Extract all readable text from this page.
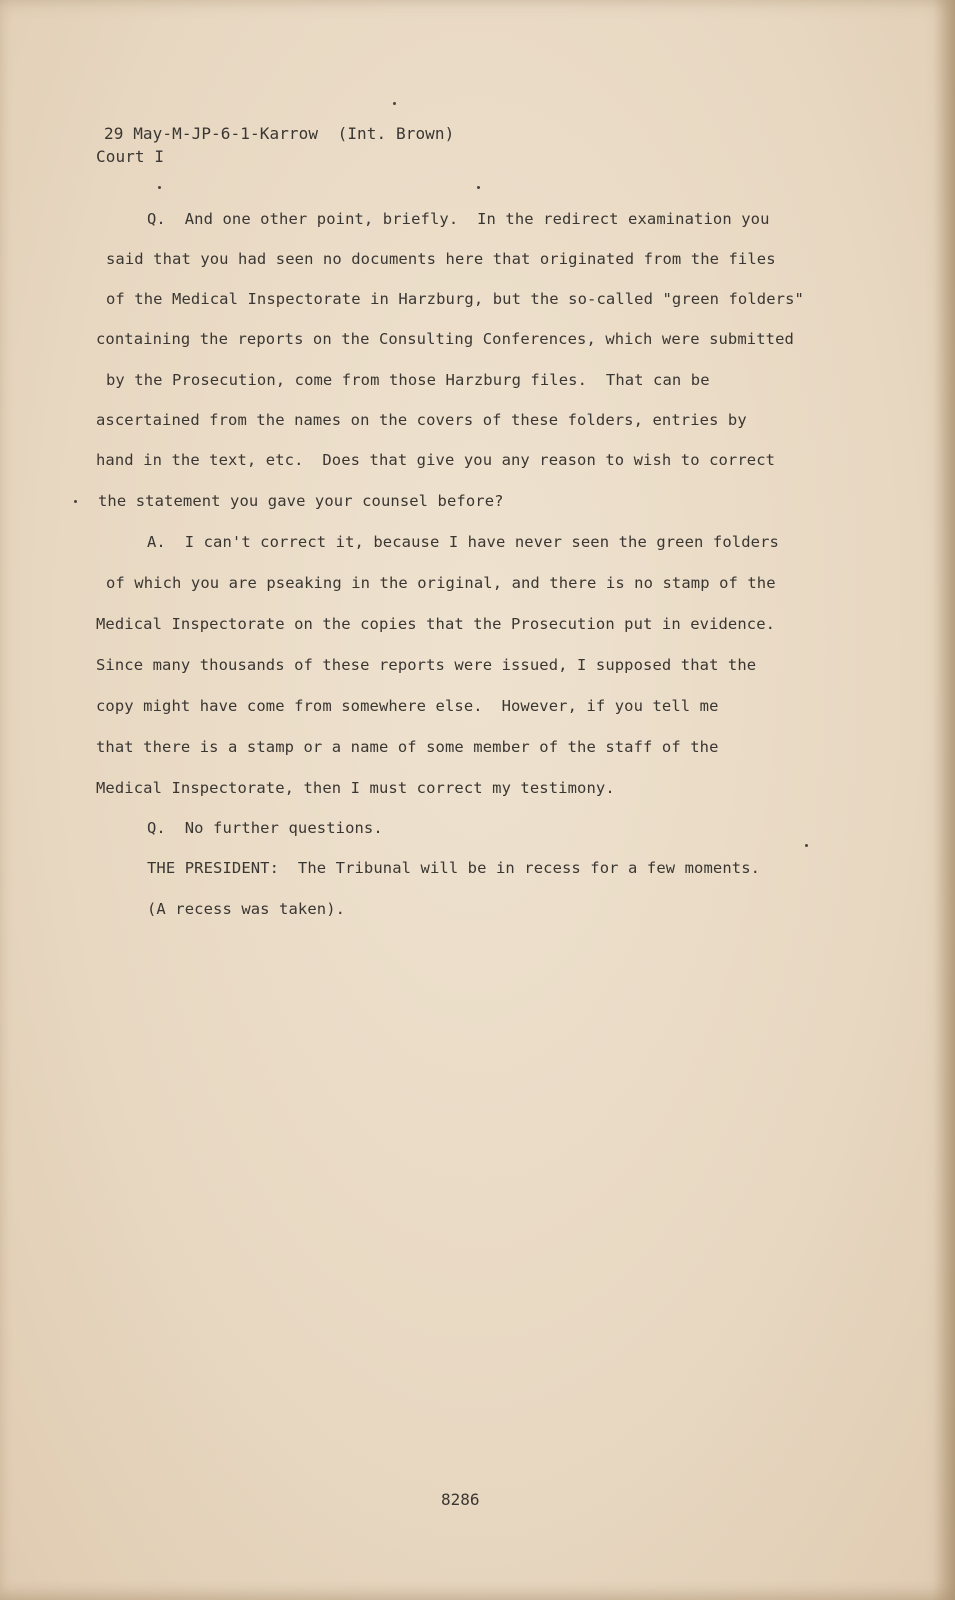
29 May-M-JP-6-1-Karrow  (Int. Brown)
Court I
Q.  And one other point, briefly.  In the redirect examination you
said that you had seen no documents here that originated from the files
of the Medical Inspectorate in Harzburg, but the so-called "green folders"
containing the reports on the Consulting Conferences, which were submitted
by the Prosecution, come from those Harzburg files.  That can be
ascertained from the names on the covers of these folders, entries by
hand in the text, etc.  Does that give you any reason to wish to correct
the statement you gave your counsel before?
A.  I can't correct it, because I have never seen the green folders
of which you are pseaking in the original, and there is no stamp of the
Medical Inspectorate on the copies that the Prosecution put in evidence.
Since many thousands of these reports were issued, I supposed that the
copy might have come from somewhere else.  However, if you tell me
that there is a stamp or a name of some member of the staff of the
Medical Inspectorate, then I must correct my testimony.
Q.  No further questions.
THE PRESIDENT:  The Tribunal will be in recess for a few moments.
(A recess was taken).
8286
